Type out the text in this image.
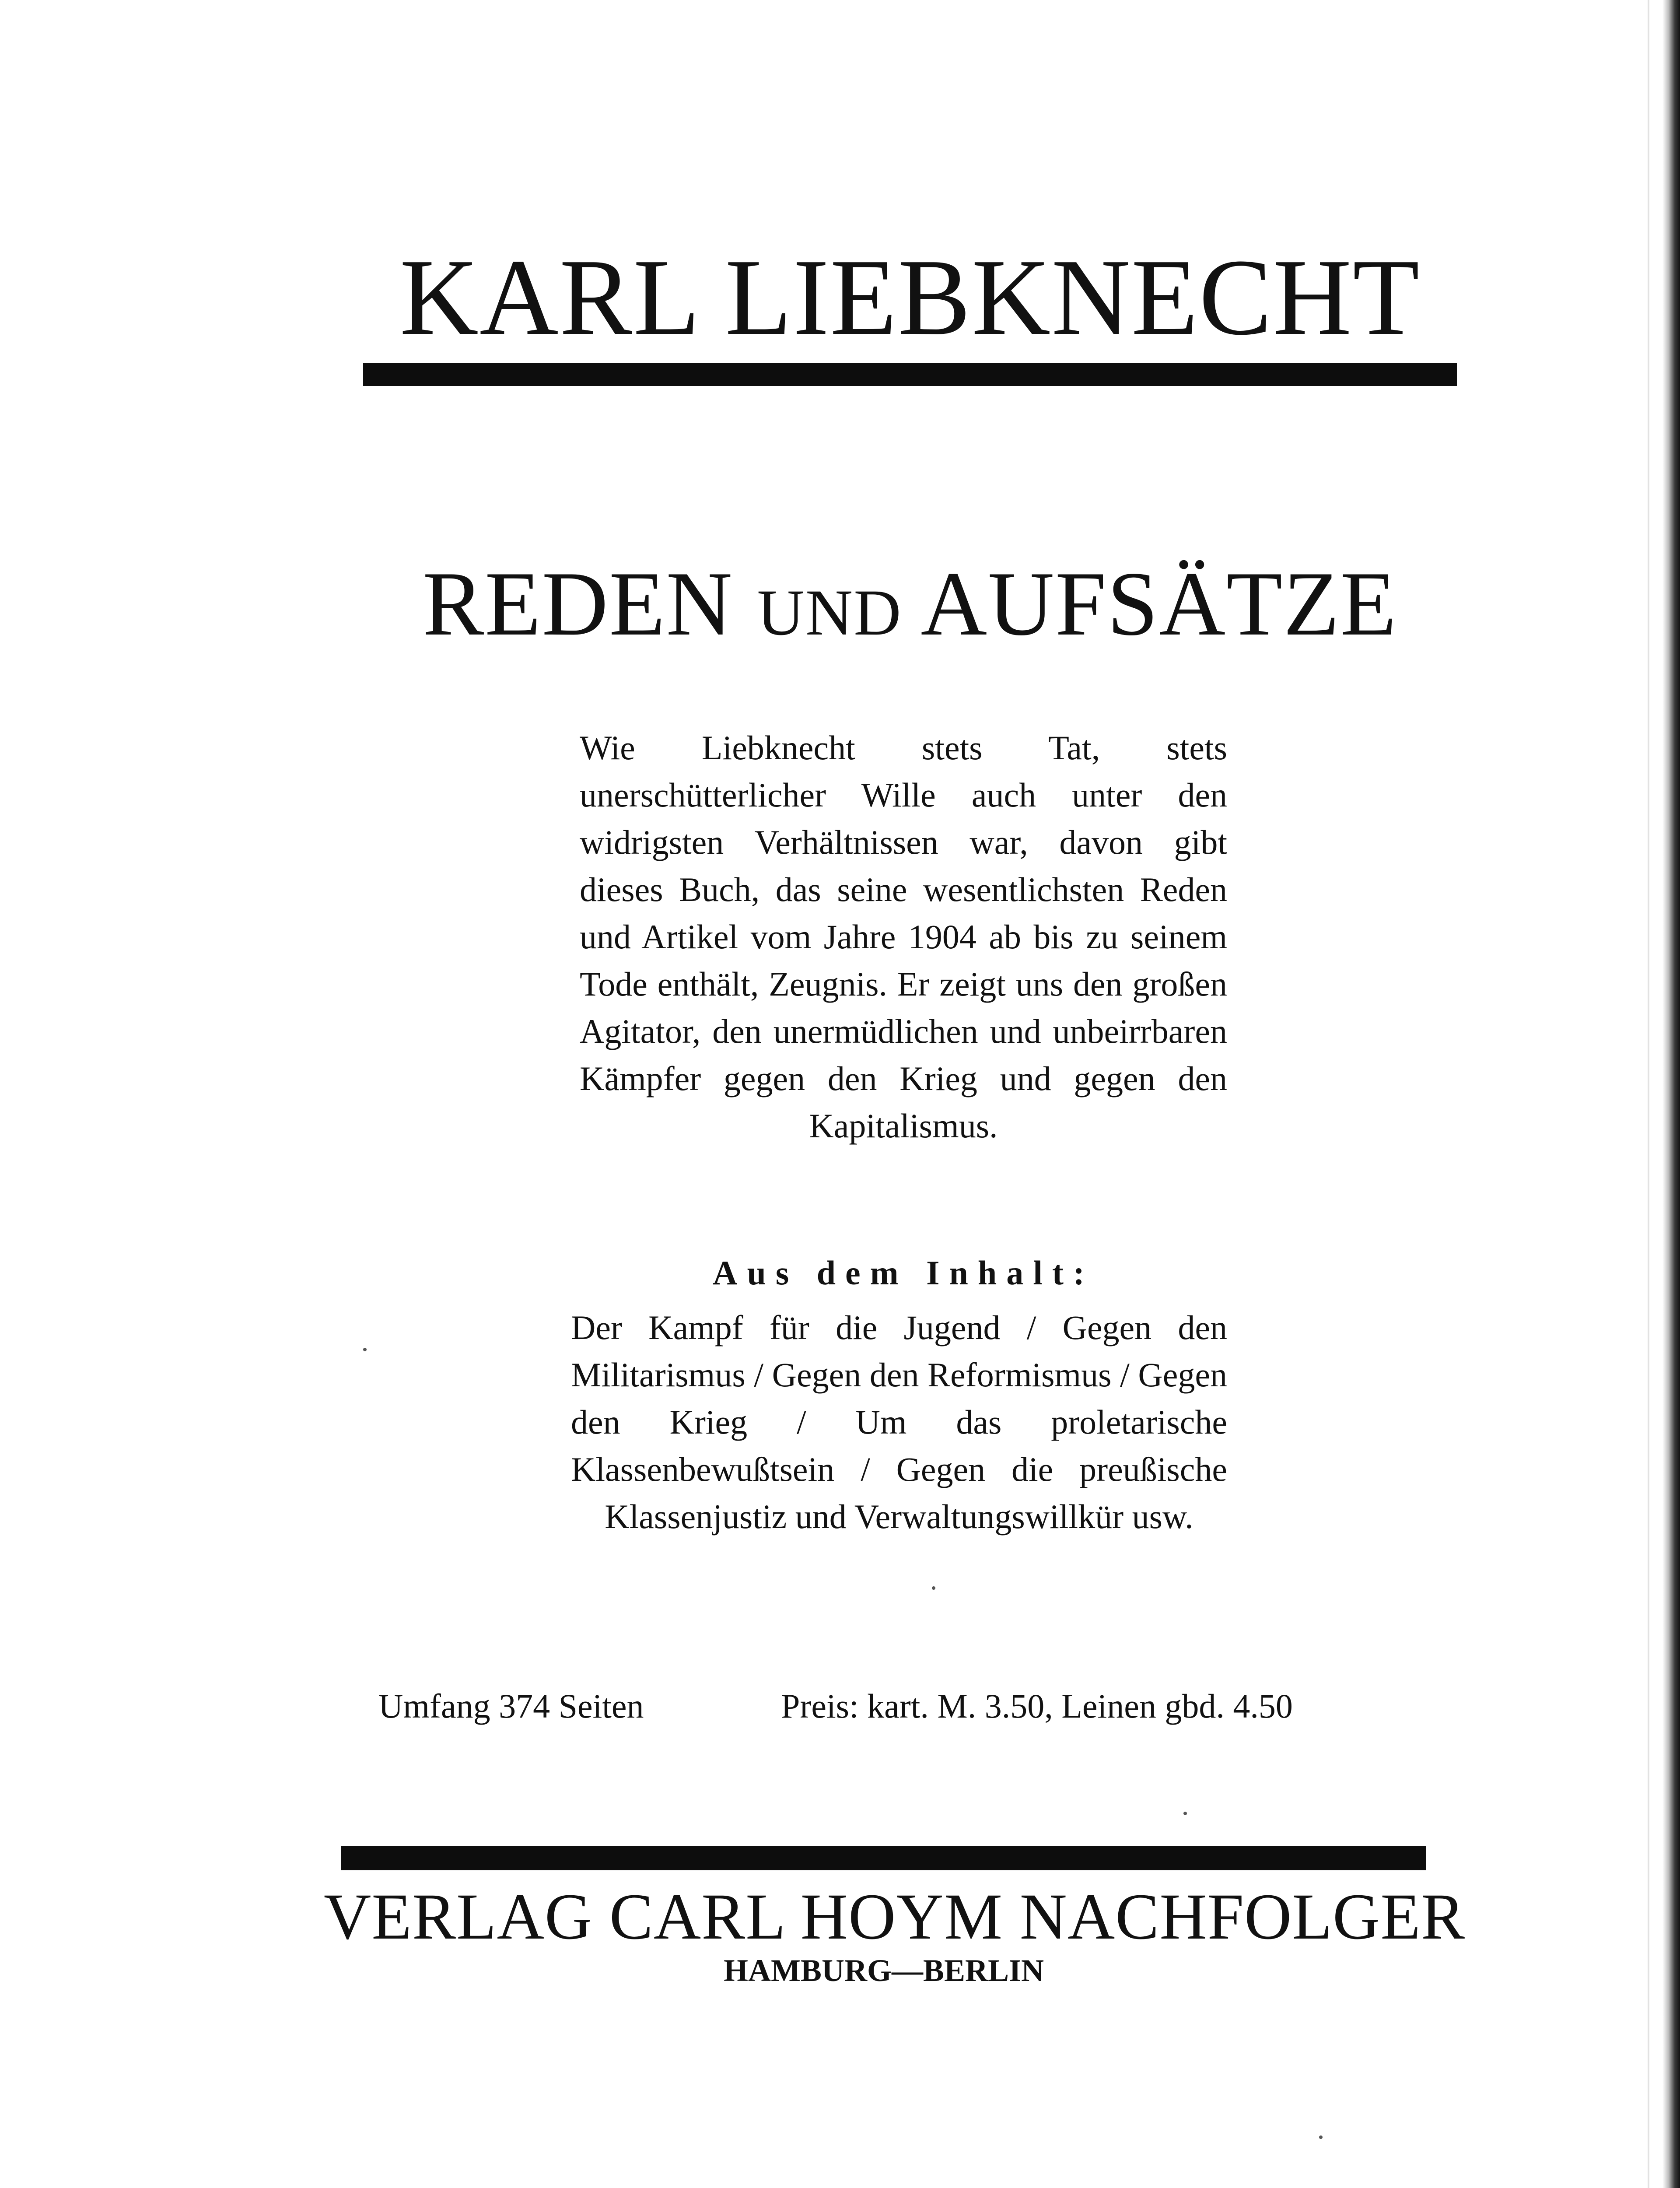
KARL LIEBKNECHT
REDEN UND AUFSÄTZE
Wie Liebknecht stets Tat, stets unerschütterlicher Wille auch unter den widrigsten Verhältnissen war, davon gibt dieses Buch, das seine wesentlichsten Reden und Artikel vom Jahre 1904 ab bis zu seinem Tode enthält, Zeugnis. Er zeigt uns den großen Agitator, den unermüdlichen und unbeirrbaren Kämpfer gegen den Krieg und gegen den Kapitalismus.
Aus dem Inhalt:
Der Kampf für die Jugend / Gegen den Militarismus / Gegen den Reformismus / Gegen den Krieg / Um das proletarische Klassenbewußtsein / Gegen die preußische Klassenjustiz und Verwaltungswillkür usw.
Umfang 374 Seiten	Preis: kart. M. 3.50, Leinen gbd. 4.50
VERLAG CARL HOYM NACHFOLGER
HAMBURG—BERLIN
